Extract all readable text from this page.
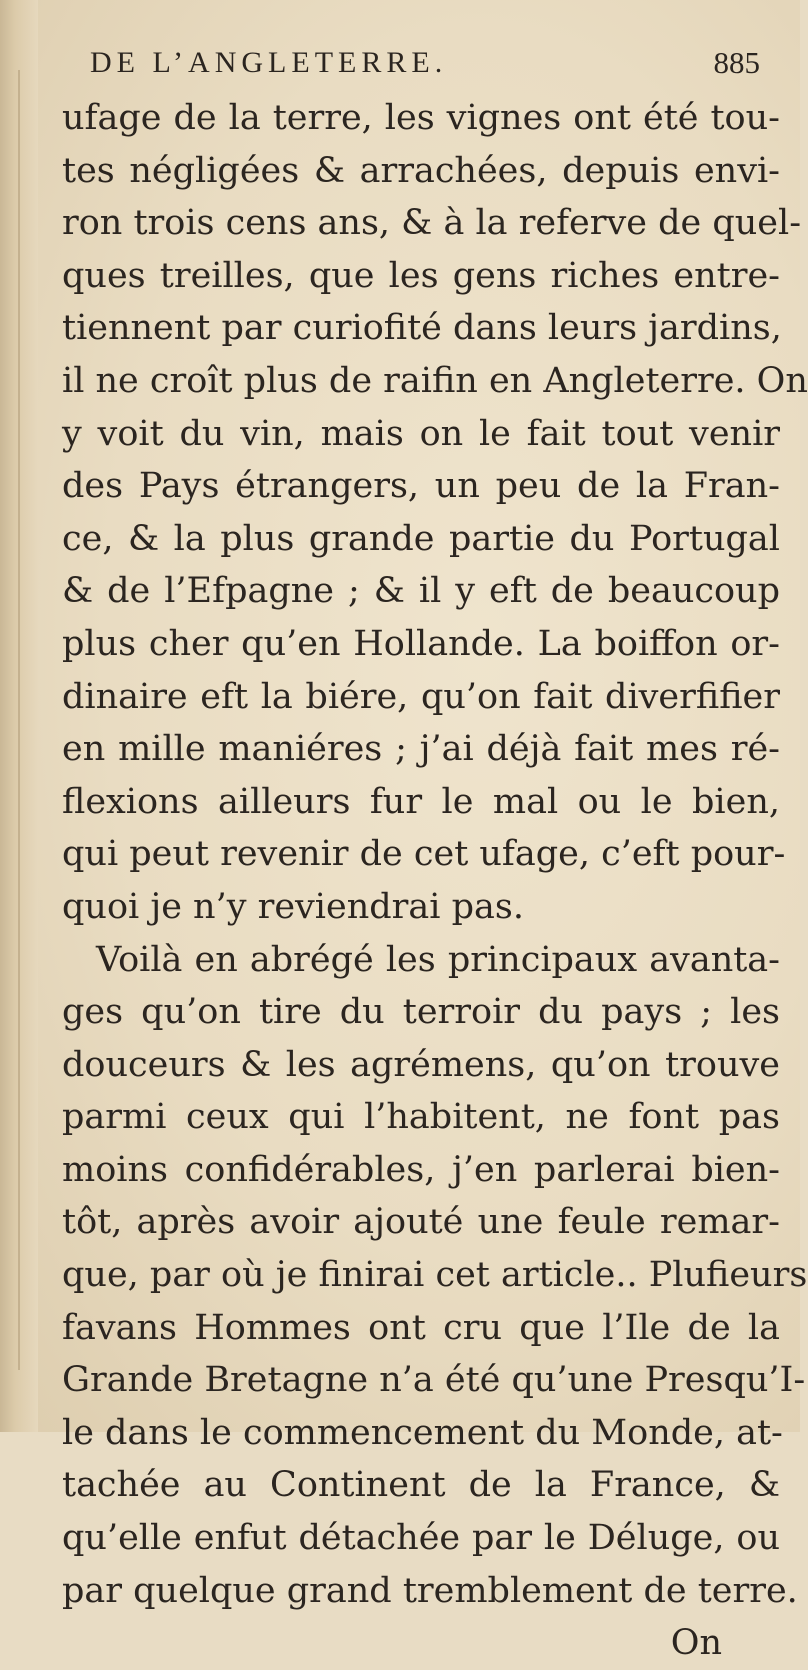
DE L’ANGLETERRE.	885
ufage de la terre, les vignes ont été tou-
tes négligées & arrachées, depuis envi-
ron trois cens ans, & à la referve de quel-
ques treilles, que les gens riches entre-
tiennent par curiofité dans leurs jardins,
il ne croît plus de raifin en Angleterre. On
y voit du vin, mais on le fait tout venir
des Pays étrangers, un peu de la Fran-
ce, & la plus grande partie du Portugal
& de l’Efpagne ; & il y eft de beaucoup
plus cher qu’en Hollande. La boiffon or-
dinaire eft la biére, qu’on fait diverfifier
en mille maniéres ; j’ai déjà fait mes ré-
flexions ailleurs fur le mal ou le bien,
qui peut revenir de cet ufage, c’eft pour-
quoi je n’y reviendrai pas.
Voilà en abrégé les principaux avanta-
ges qu’on tire du terroir du pays ; les
douceurs & les agrémens, qu’on trouve
parmi ceux qui l’habitent, ne font pas
moins confidérables, j’en parlerai bien-
tôt, après avoir ajouté une feule remar-
que, par où je finirai cet article.. Plufieurs
favans Hommes ont cru que l’Ile de la
Grande Bretagne n’a été qu’une Presqu’I-
le dans le commencement du Monde, at-
tachée au Continent de la France, &
qu’elle enfut détachée par le Déluge, ou
par quelque grand tremblement de terre.
On
